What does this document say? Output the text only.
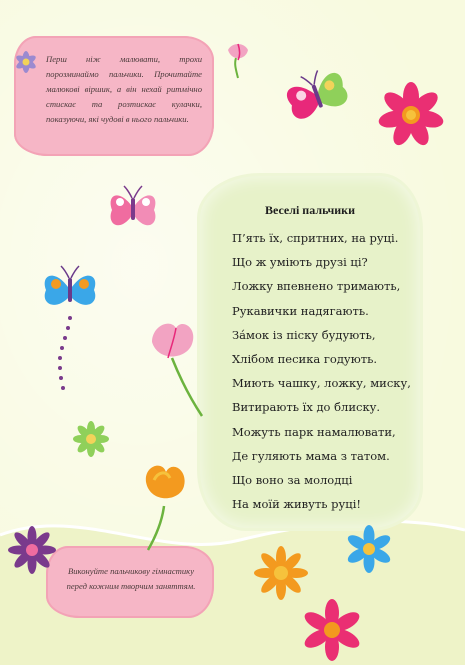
Перш ніж малювати, трохи порозминаймо пальчики. Прочитайте малюкові віршик, а він нехай ритмічно стискає та розтискає кулачки, показуючи, які чудові в нього пальчики.
Веселі пальчики
П’ять їх, спритних, на руці.
Що ж уміють друзі ці?
Ложку впевнено тримають,
Рукавички надягають.
Зáмок із піску будують,
Хлібом песика годують.
Миють чашку, ложку, миску,
Витирають їх до блиску.
Можуть парк намалювати,
Де гуляють мама з татом.
Що воно за молодці
На моїй живуть руці!
Виконуйте пальчикову гімнастику перед кожним творчим заняттям.
